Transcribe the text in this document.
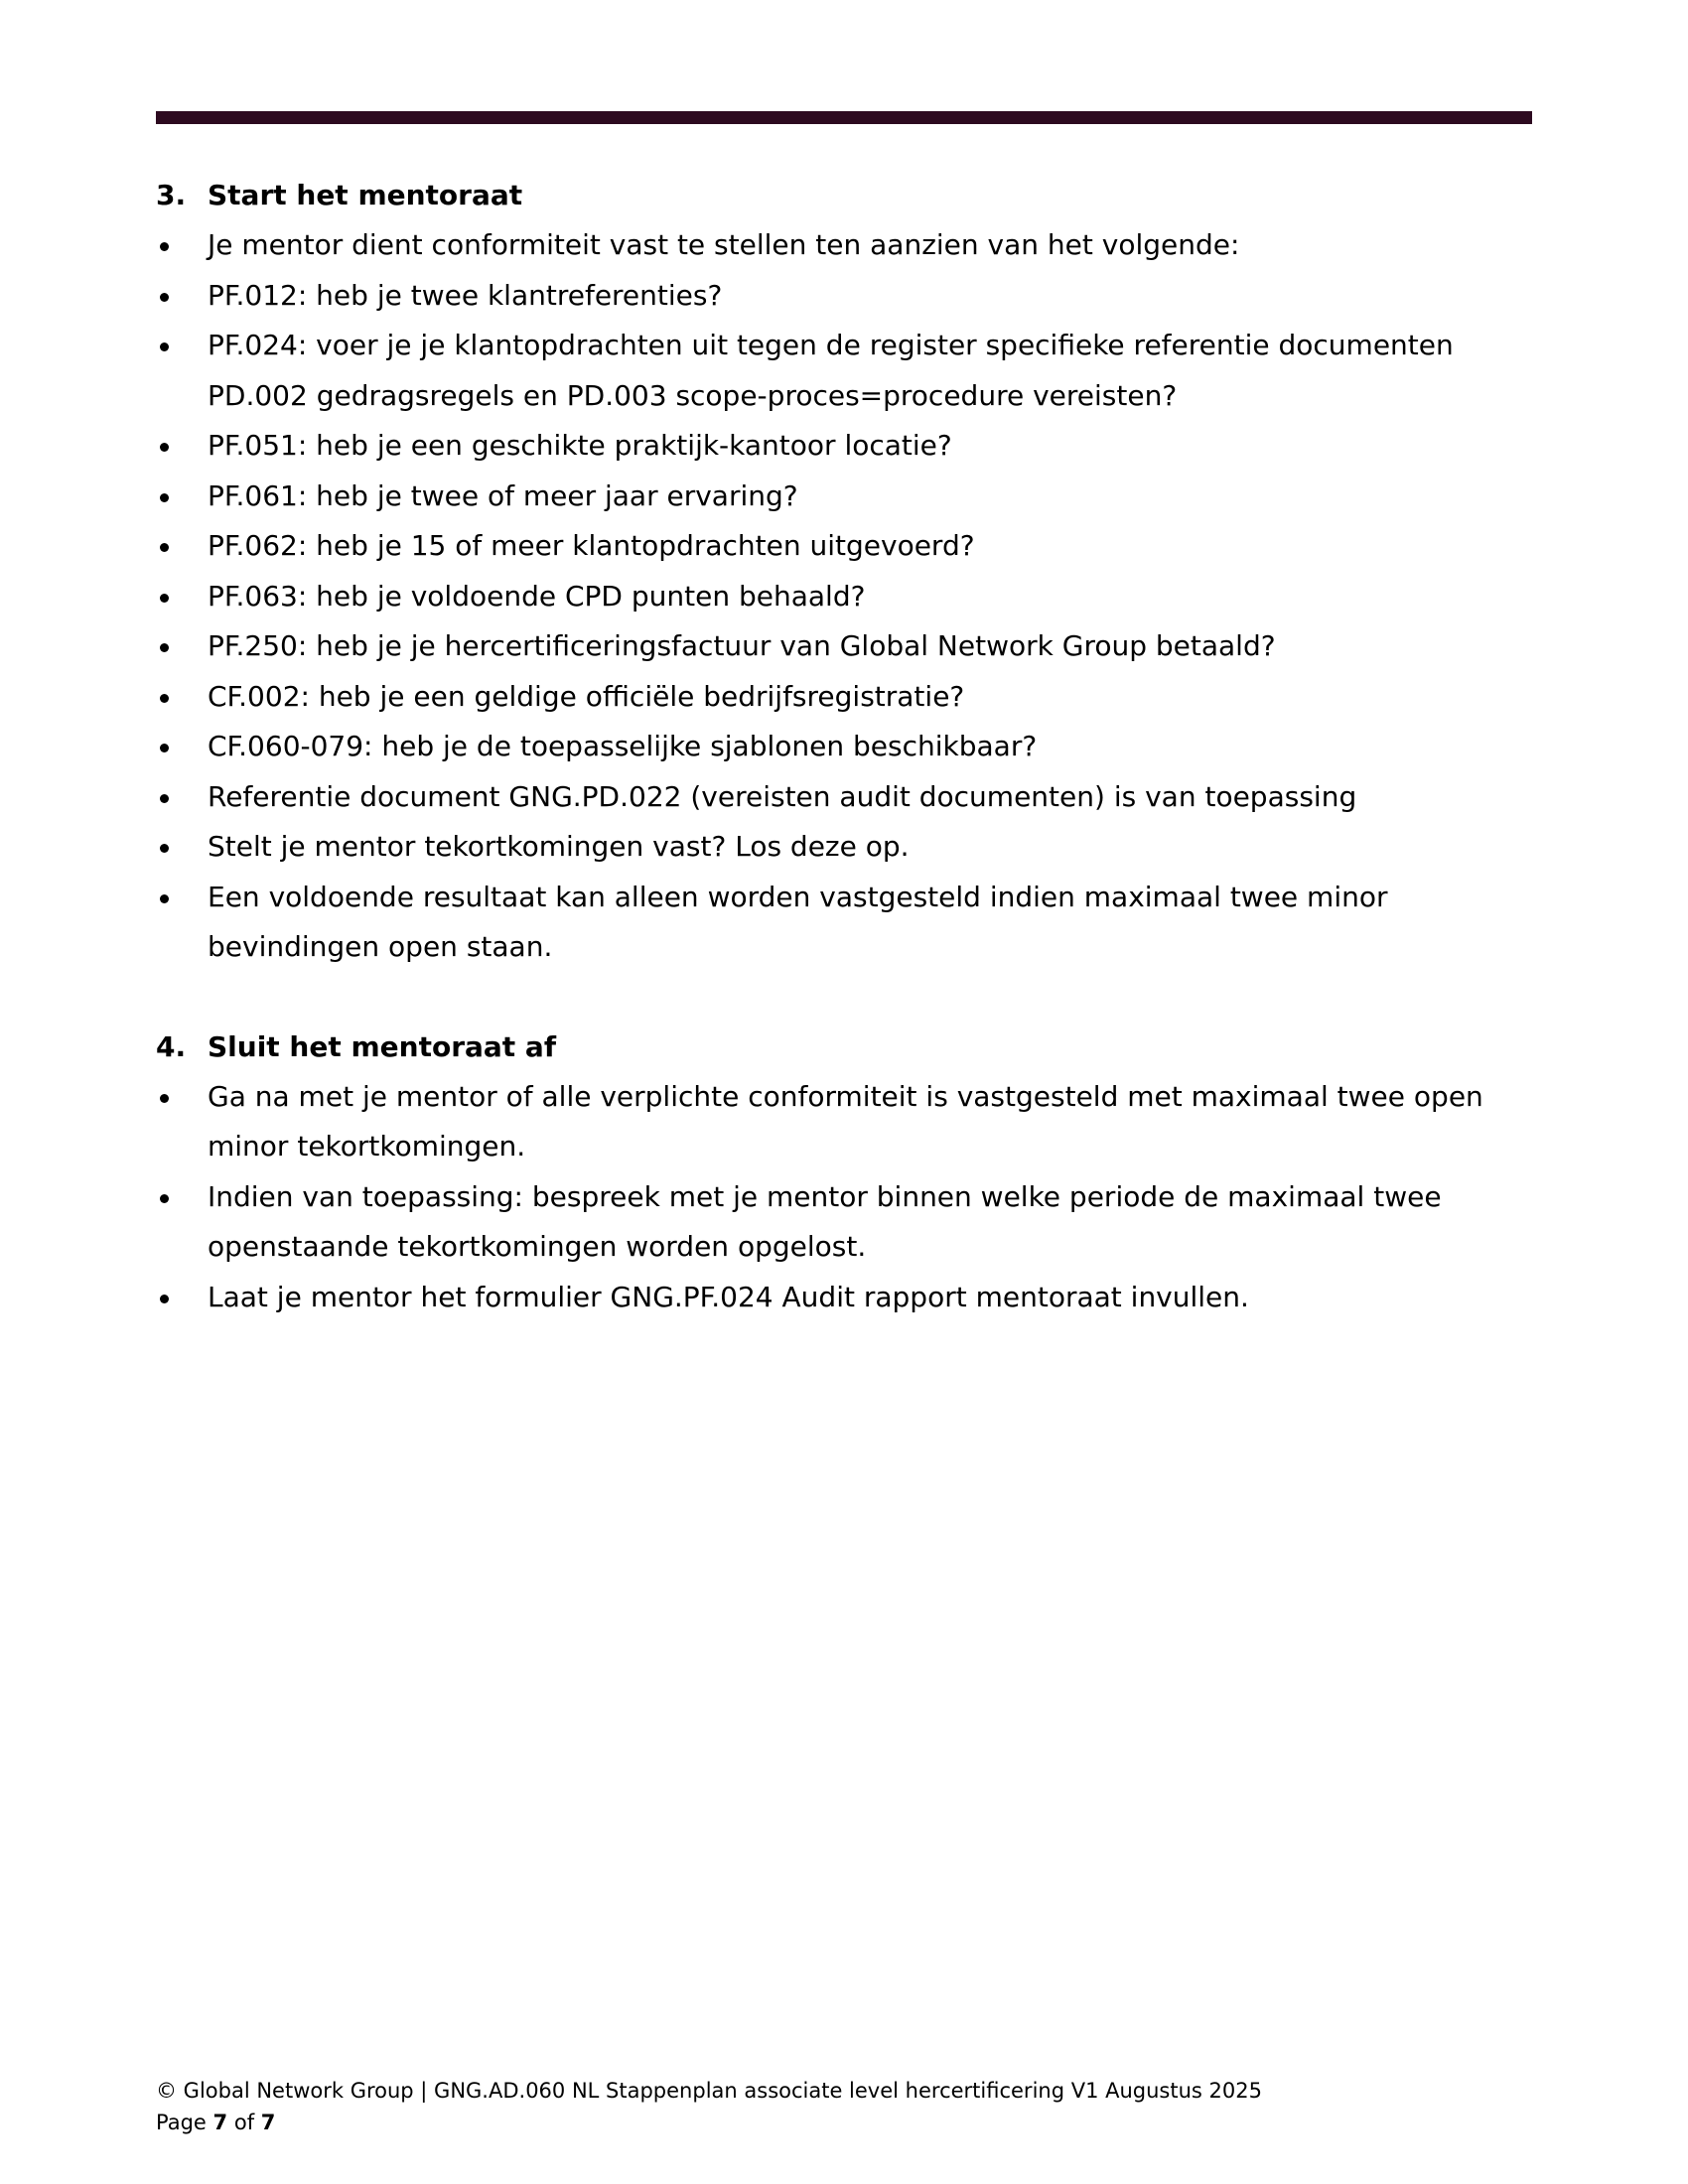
3. Start het mentoraat
Je mentor dient conformiteit vast te stellen ten aanzien van het volgende:
PF.012: heb je twee klantreferenties?
PF.024: voer je je klantopdrachten uit tegen de register specifieke referentie documenten PD.002 gedragsregels en PD.003 scope-proces=procedure vereisten?
PF.051: heb je een geschikte praktijk-kantoor locatie?
PF.061: heb je twee of meer jaar ervaring?
PF.062: heb je 15 of meer klantopdrachten uitgevoerd?
PF.063: heb je voldoende CPD punten behaald?
PF.250: heb je je hercertificeringsfactuur van Global Network Group betaald?
CF.002: heb je een geldige officiële bedrijfsregistratie?
CF.060-079: heb je de toepasselijke sjablonen beschikbaar?
Referentie document GNG.PD.022 (vereisten audit documenten) is van toepassing
Stelt je mentor tekortkomingen vast? Los deze op.
Een voldoende resultaat kan alleen worden vastgesteld indien maximaal twee minor bevindingen open staan.
4. Sluit het mentoraat af
Ga na met je mentor of alle verplichte conformiteit is vastgesteld met maximaal twee open minor tekortkomingen.
Indien van toepassing: bespreek met je mentor binnen welke periode de maximaal twee openstaande tekortkomingen worden opgelost.
Laat je mentor het formulier GNG.PF.024 Audit rapport mentoraat invullen.
© Global Network Group | GNG.AD.060 NL Stappenplan associate level hercertificering V1 Augustus 2025
Page 7 of 7
